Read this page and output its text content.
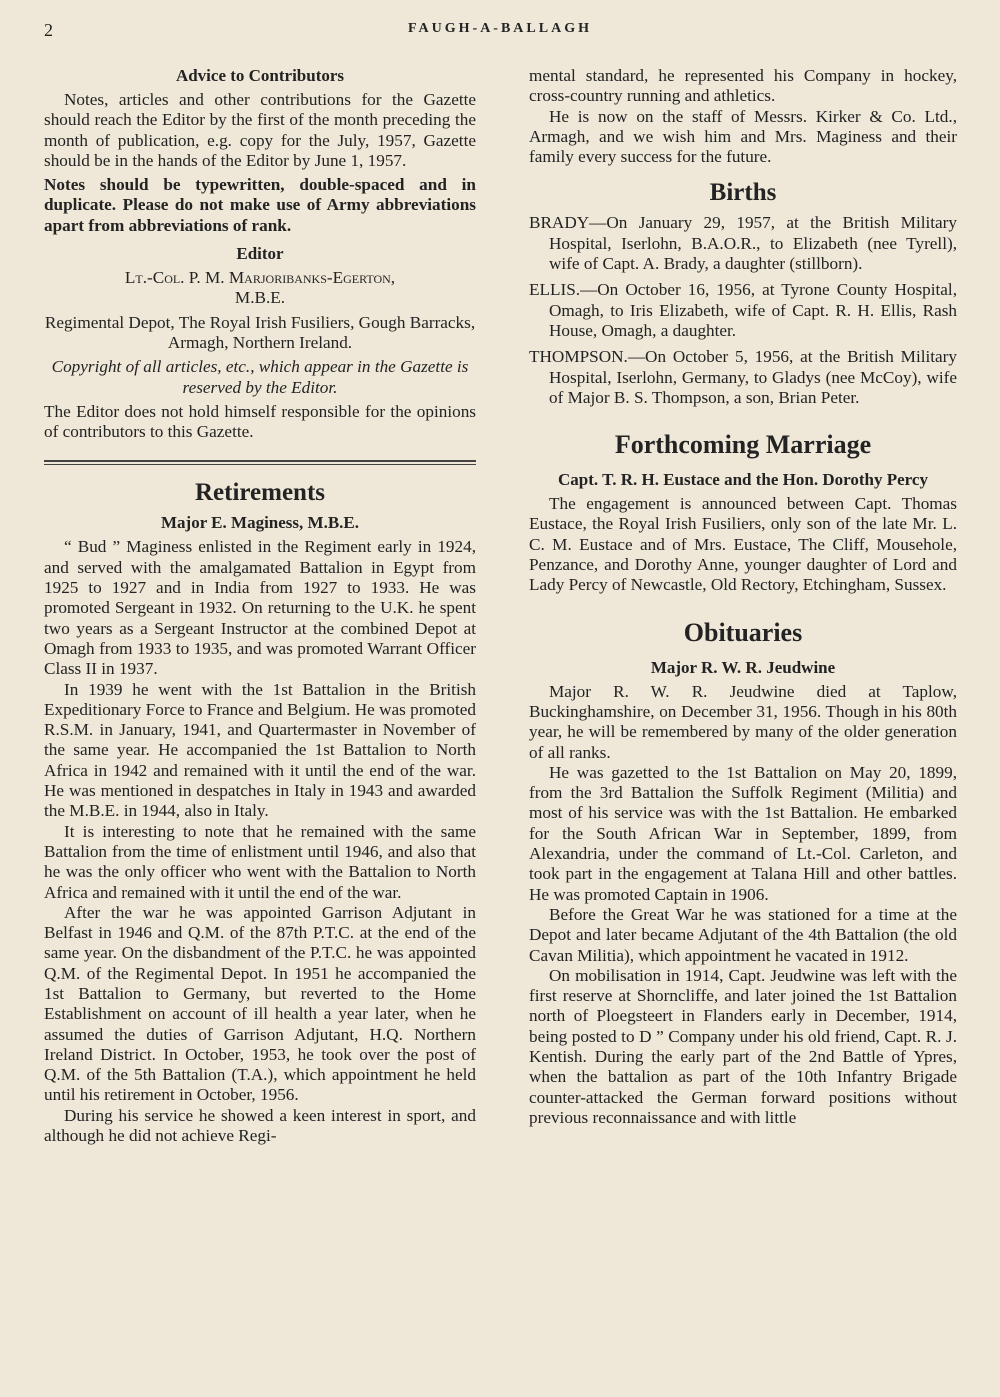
2	FAUGH-A-BALLAGH
Advice to Contributors

Notes, articles and other contributions for the Gazette should reach the Editor by the first of the month preceding the month of publication, e.g. copy for the July, 1957, Gazette should be in the hands of the Editor by June 1, 1957.

Notes should be typewritten, double-spaced and in duplicate. Please do not make use of Army abbreviations apart from abbreviations of rank.

Editor

Lt.-Col. P. M. Marjoribanks-Egerton,

M.B.E.

Regimental Depot, The Royal Irish Fusiliers, Gough Barracks, Armagh, Northern Ireland.

Copyright of all articles, etc., which appear in the Gazette is reserved by the Editor.

The Editor does not hold himself responsible for the opinions of contributors to this Gazette.

Retirements
Major E. Maginess, M.B.E.

“ Bud ” Maginess enlisted in the Regiment early in 1924, and served with the amalgamated Battalion in Egypt from 1925 to 1927 and in India from 1927 to 1933. He was promoted Sergeant in 1932. On returning to the U.K. he spent two years as a Sergeant Instructor at the combined Depot at Omagh from 1933 to 1935, and was promoted Warrant Officer Class II in 1937.

In 1939 he went with the 1st Battalion in the British Expeditionary Force to France and Belgium. He was promoted R.S.M. in January, 1941, and Quartermaster in November of the same year. He accompanied the 1st Battalion to North Africa in 1942 and remained with it until the end of the war. He was mentioned in despatches in Italy in 1943 and awarded the M.B.E. in 1944, also in Italy.

It is interesting to note that he remained with the same Battalion from the time of enlistment until 1946, and also that he was the only officer who went with the Battalion to North Africa and remained with it until the end of the war.

After the war he was appointed Garrison Adjutant in Belfast in 1946 and Q.M. of the 87th P.T.C. at the end of the same year. On the disbandment of the P.T.C. he was appointed Q.M. of the Regimental Depot. In 1951 he accompanied the 1st Battalion to Germany, but reverted to the Home Establishment on account of ill health a year later, when he assumed the duties of Garrison Adjutant, H.Q. Northern Ireland District. In October, 1953, he took over the post of Q.M. of the 5th Battalion (T.A.), which appointment he held until his retirement in October, 1956.

During his service he showed a keen interest in sport, and although he did not achieve Regi-

mental standard, he represented his Company in hockey, cross-country running and athletics.

He is now on the staff of Messrs. Kirker & Co. Ltd., Armagh, and we wish him and Mrs. Maginess and their family every success for the future.

Births

BRADY—On January 29, 1957, at the British Military Hospital, Iserlohn, B.A.O.R., to Elizabeth (nee Tyrell), wife of Capt. A. Brady, a daughter (stillborn).

ELLIS.—On October 16, 1956, at Tyrone County Hospital, Omagh, to Iris Elizabeth, wife of Capt. R. H. Ellis, Rash House, Omagh, a daughter.

THOMPSON.—On October 5, 1956, at the British Military Hospital, Iserlohn, Germany, to Gladys (nee McCoy), wife of Major B. S. Thompson, a son, Brian Peter.

Forthcoming Marriage
Capt. T. R. H. Eustace and the Hon. Dorothy Percy

The engagement is announced between Capt. Thomas Eustace, the Royal Irish Fusiliers, only son of the late Mr. L. C. M. Eustace and of Mrs. Eustace, The Cliff, Mousehole, Penzance, and Dorothy Anne, younger daughter of Lord and Lady Percy of Newcastle, Old Rectory, Etchingham, Sussex.

Obituaries
Major R. W. R. Jeudwine

Major R. W. R. Jeudwine died at Taplow, Buckinghamshire, on December 31, 1956. Though in his 80th year, he will be remembered by many of the older generation of all ranks.

He was gazetted to the 1st Battalion on May 20, 1899, from the 3rd Battalion the Suffolk Regiment (Militia) and most of his service was with the 1st Battalion. He embarked for the South African War in September, 1899, from Alexandria, under the command of Lt.-Col. Carleton, and took part in the engagement at Talana Hill and other battles. He was promoted Captain in 1906.

Before the Great War he was stationed for a time at the Depot and later became Adjutant of the 4th Battalion (the old Cavan Militia), which appointment he vacated in 1912.

On mobilisation in 1914, Capt. Jeudwine was left with the first reserve at Shorncliffe, and later joined the 1st Battalion north of Ploegsteert in Flanders early in December, 1914, being posted to D ” Company under his old friend, Capt. R. J. Kentish. During the early part of the 2nd Battle of Ypres, when the battalion as part of the 10th Infantry Brigade counter-attacked the German forward positions without previous reconnaissance and with little
